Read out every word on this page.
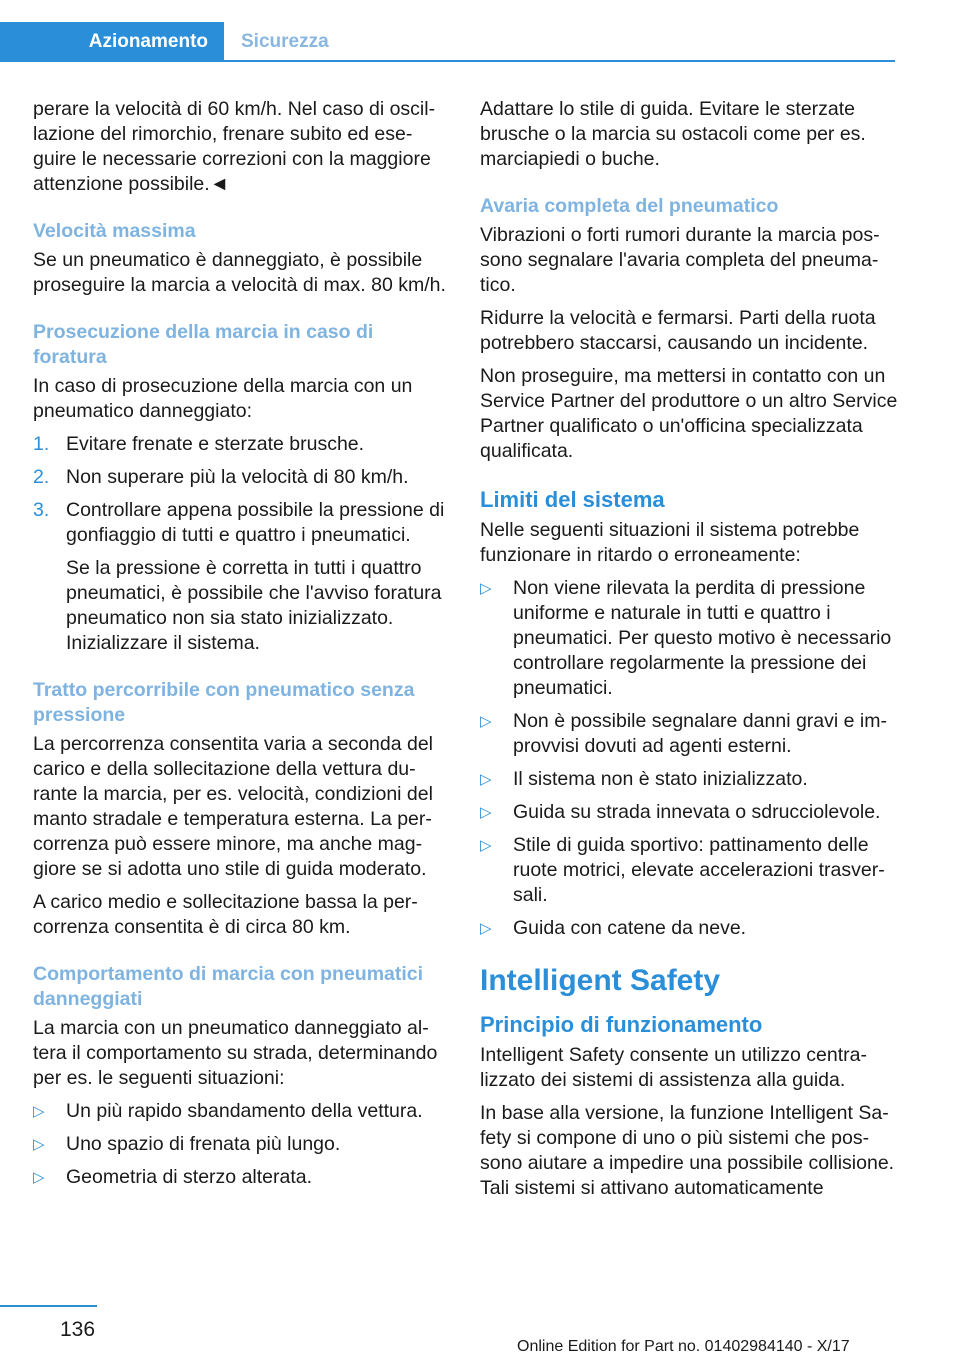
Azionamento	Sicurezza

perare la velocità di 60 km/h. Nel caso di oscillazione del rimorchio, frenare subito ed eseguire le necessarie correzioni con la maggiore attenzione possibile.◄

Velocità massima

Se un pneumatico è danneggiato, è possibile proseguire la marcia a velocità di max. 80 km/h.

Prosecuzione della marcia in caso di foratura

In caso di prosecuzione della marcia con un pneumatico danneggiato:

1. Evitare frenate e sterzate brusche.
2. Non superare più la velocità di 80 km/h.
3. Controllare appena possibile la pressione di gonfiaggio di tutti e quattro i pneumatici.

Se la pressione è corretta in tutti i quattro pneumatici, è possibile che l'avviso foratura pneumatico non sia stato inizializzato. Inizializzare il sistema.

Tratto percorribile con pneumatico senza pressione

La percorrenza consentita varia a seconda del carico e della sollecitazione della vettura durante la marcia, per es. velocità, condizioni del manto stradale e temperatura esterna. La percorrenza può essere minore, ma anche maggiore se si adotta uno stile di guida moderato.

A carico medio e sollecitazione bassa la percorrenza consentita è di circa 80 km.

Comportamento di marcia con pneumatici danneggiati

La marcia con un pneumatico danneggiato altera il comportamento su strada, determinando per es. le seguenti situazioni:

▷ Un più rapido sbandamento della vettura.
▷ Uno spazio di frenata più lungo.
▷ Geometria di sterzo alterata.

Adattare lo stile di guida. Evitare le sterzate brusche o la marcia su ostacoli come per es. marciapiedi o buche.

Avaria completa del pneumatico

Vibrazioni o forti rumori durante la marcia possono segnalare l'avaria completa del pneumatico.

Ridurre la velocità e fermarsi. Parti della ruota potrebbero staccarsi, causando un incidente.

Non proseguire, ma mettersi in contatto con un Service Partner del produttore o un altro Service Partner qualificato o un'officina specializzata qualificata.

Limiti del sistema

Nelle seguenti situazioni il sistema potrebbe funzionare in ritardo o erroneamente:

▷ Non viene rilevata la perdita di pressione uniforme e naturale in tutti e quattro i pneumatici. Per questo motivo è necessario controllare regolarmente la pressione dei pneumatici.
▷ Non è possibile segnalare danni gravi e improvvisi dovuti ad agenti esterni.
▷ Il sistema non è stato inizializzato.
▷ Guida su strada innevata o sdrucciolevole.
▷ Stile di guida sportivo: pattinamento delle ruote motrici, elevate accelerazioni trasversali.
▷ Guida con catene da neve.
Intelligent Safety
Principio di funzionamento

Intelligent Safety consente un utilizzo centralizzato dei sistemi di assistenza alla guida.

In base alla versione, la funzione Intelligent Safety si compone di uno o più sistemi che possono aiutare a impedire una possibile collisione. Tali sistemi si attivano automaticamente

136
Online Edition for Part no. 01402984140 - X/17
